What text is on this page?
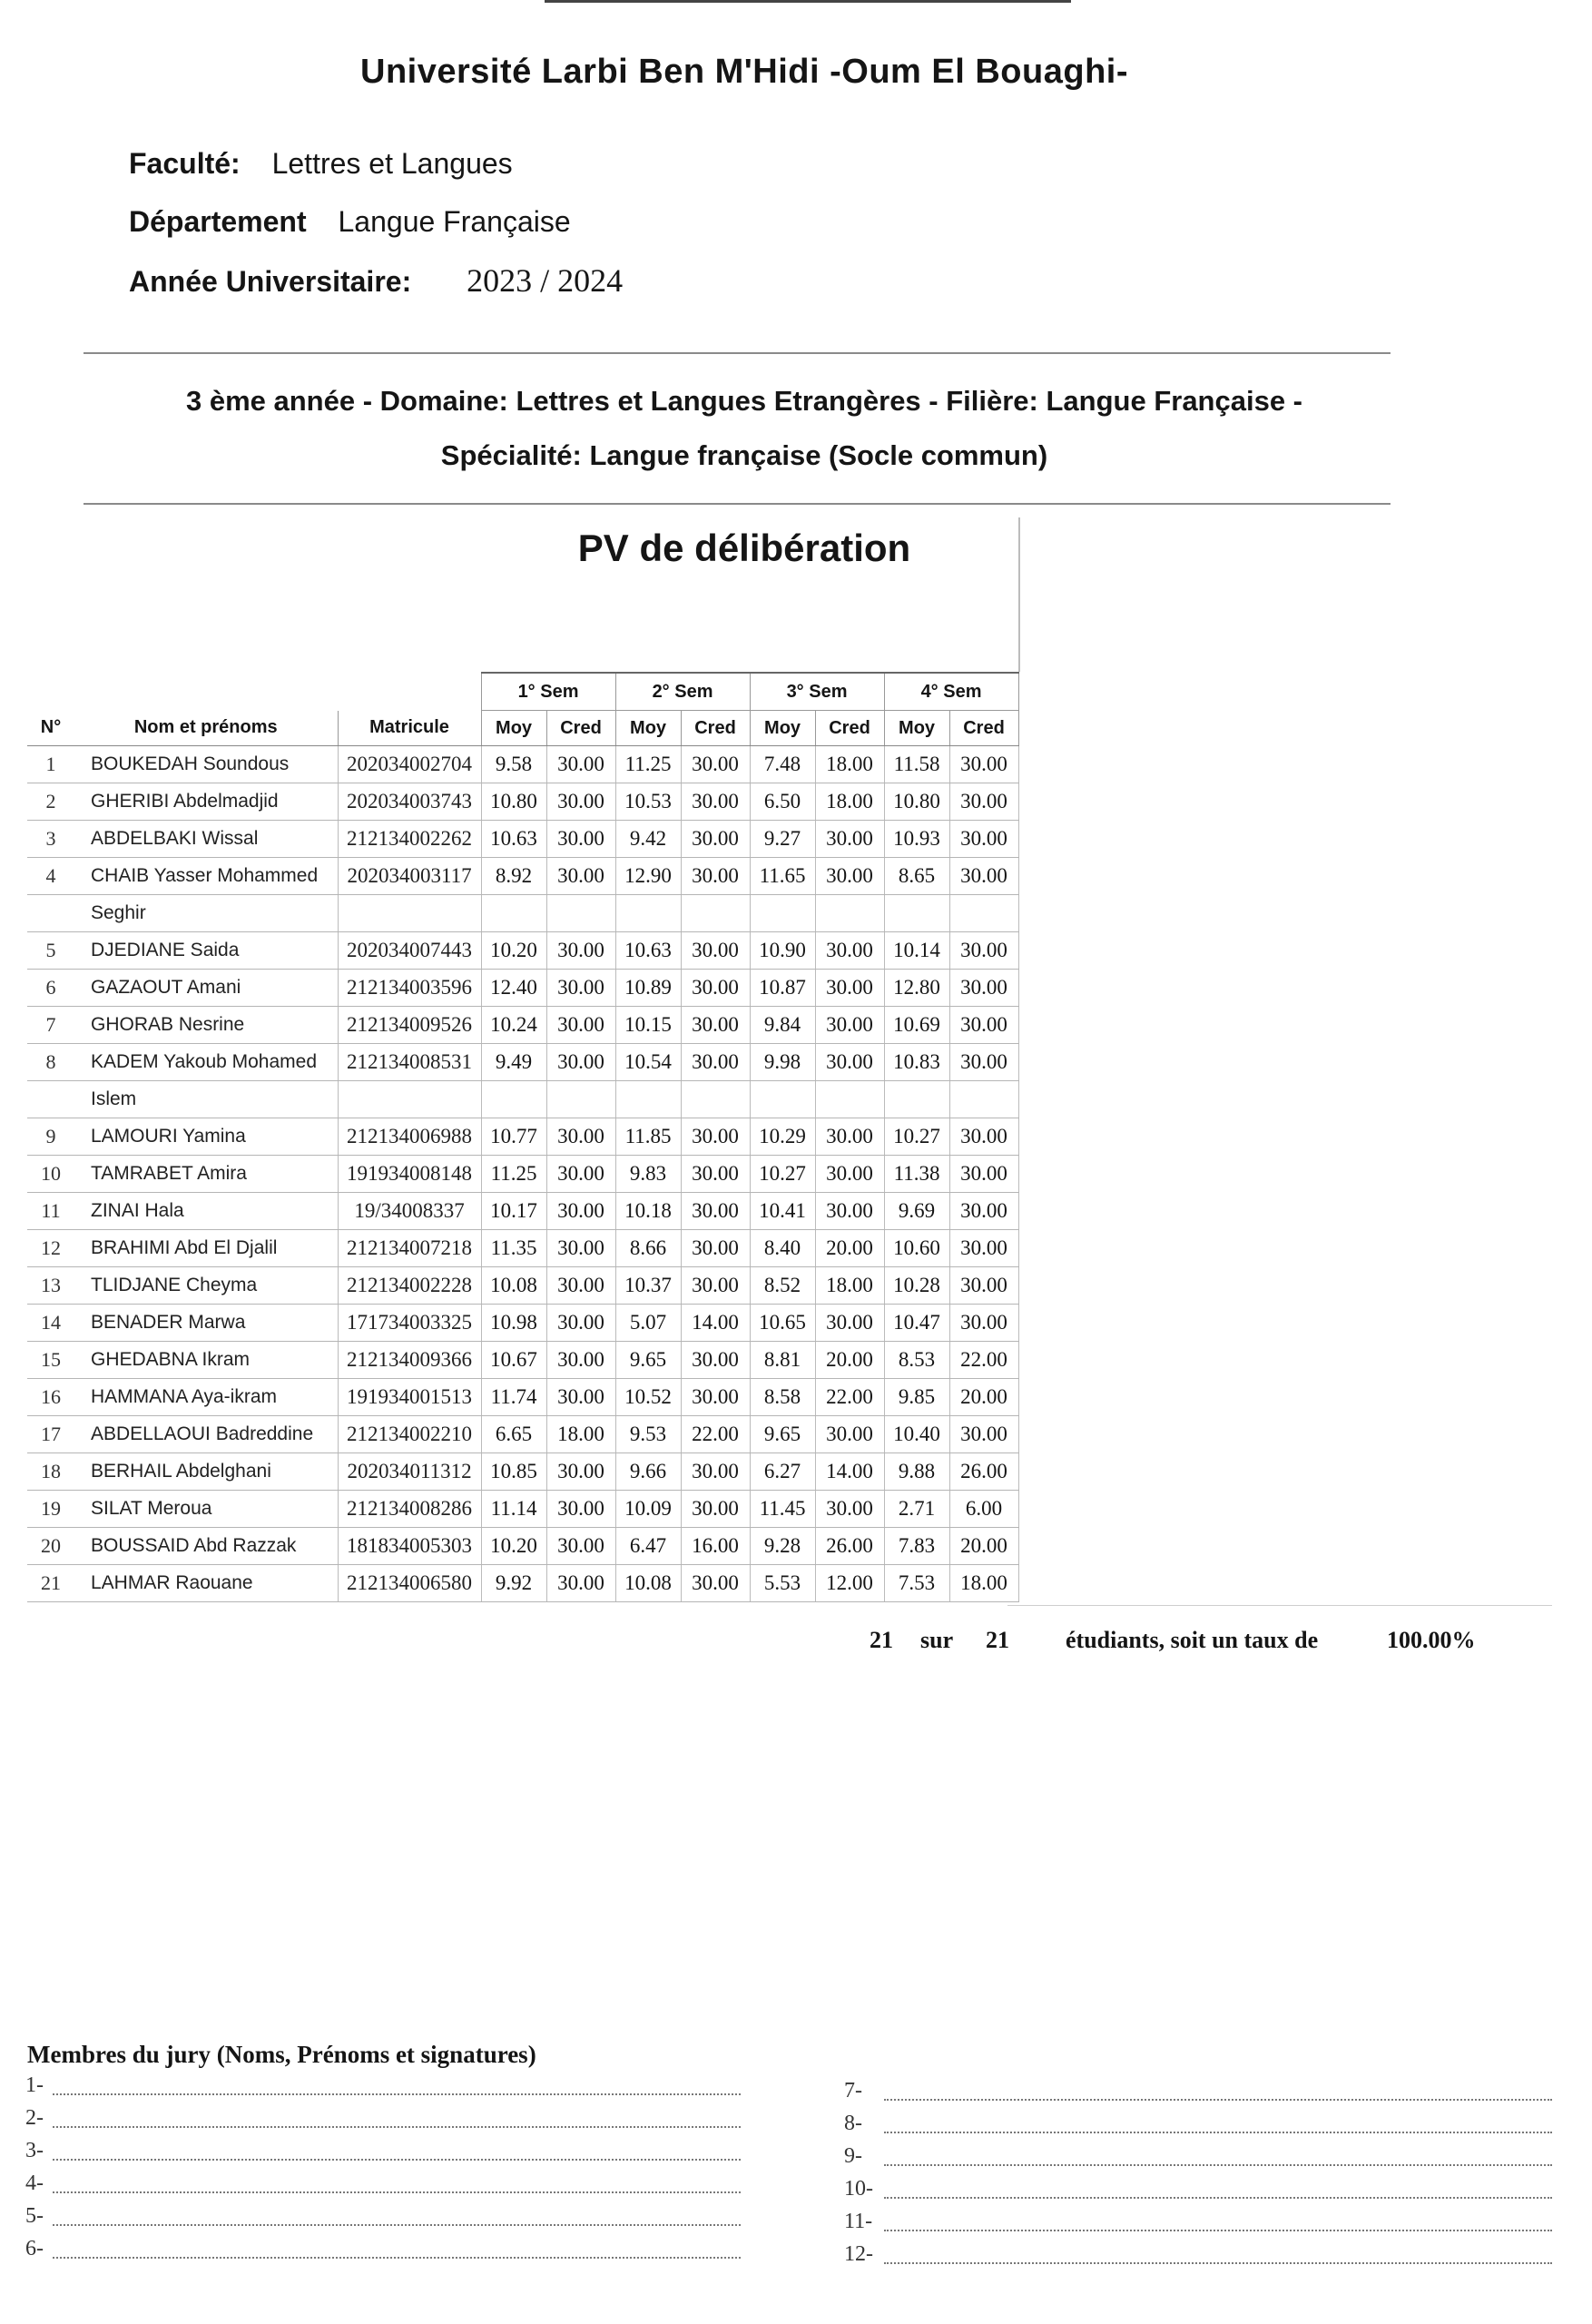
Université Larbi Ben M'Hidi -Oum El Bouaghi-
Faculté: Lettres et Langues
Département Langue Française
Année Universitaire: 2023 / 2024
3 ème année - Domaine: Lettres et Langues Etrangères - Filière: Langue Française -
Spécialité: Langue française (Socle commun)
PV de délibération
			1° Sem		2° Sem		3° Sem		4° Sem	
N°	Nom et prénoms	Matricule	Moy	Cred	Moy	Cred	Moy	Cred	Moy	Cred
1	BOUKEDAH Soundous	202034002704	9.58	30.00	11.25	30.00	7.48	18.00	11.58	30.00
2	GHERIBI Abdelmadjid	202034003743	10.80	30.00	10.53	30.00	6.50	18.00	10.80	30.00
3	ABDELBAKI Wissal	212134002262	10.63	30.00	9.42	30.00	9.27	30.00	10.93	30.00
4	CHAIB Yasser Mohammed	202034003117	8.92	30.00	12.90	30.00	11.65	30.00	8.65	30.00
	Seghir									
5	DJEDIANE Saida	202034007443	10.20	30.00	10.63	30.00	10.90	30.00	10.14	30.00
6	GAZAOUT Amani	212134003596	12.40	30.00	10.89	30.00	10.87	30.00	12.80	30.00
7	GHORAB Nesrine	212134009526	10.24	30.00	10.15	30.00	9.84	30.00	10.69	30.00
8	KADEM Yakoub Mohamed	212134008531	9.49	30.00	10.54	30.00	9.98	30.00	10.83	30.00
	Islem									
9	LAMOURI Yamina	212134006988	10.77	30.00	11.85	30.00	10.29	30.00	10.27	30.00
10	TAMRABET Amira	191934008148	11.25	30.00	9.83	30.00	10.27	30.00	11.38	30.00
11	ZINAI Hala	19/34008337	10.17	30.00	10.18	30.00	10.41	30.00	9.69	30.00
12	BRAHIMI Abd El Djalil	212134007218	11.35	30.00	8.66	30.00	8.40	20.00	10.60	30.00
13	TLIDJANE Cheyma	212134002228	10.08	30.00	10.37	30.00	8.52	18.00	10.28	30.00
14	BENADER Marwa	171734003325	10.98	30.00	5.07	14.00	10.65	30.00	10.47	30.00
15	GHEDABNA Ikram	212134009366	10.67	30.00	9.65	30.00	8.81	20.00	8.53	22.00
16	HAMMANA Aya-ikram	191934001513	11.74	30.00	10.52	30.00	8.58	22.00	9.85	20.00
17	ABDELLAOUI Badreddine	212134002210	6.65	18.00	9.53	22.00	9.65	30.00	10.40	30.00
18	BERHAIL Abdelghani	202034011312	10.85	30.00	9.66	30.00	6.27	14.00	9.88	26.00
19	SILAT Meroua	212134008286	11.14	30.00	10.09	30.00	11.45	30.00	2.71	6.00
20	BOUSSAID Abd Razzak	181834005303	10.20	30.00	6.47	16.00	9.28	26.00	7.83	20.00
21	LAHMAR Raouane	212134006580	9.92	30.00	10.08	30.00	5.53	12.00	7.53	18.00
21 sur 21 étudiants, soit un taux de	100.00%
Membres du jury (Noms, Prénoms et signatures)
1-
2-
3-
4-
5-
6-
7-
8-
9-
10-
11-
12-
